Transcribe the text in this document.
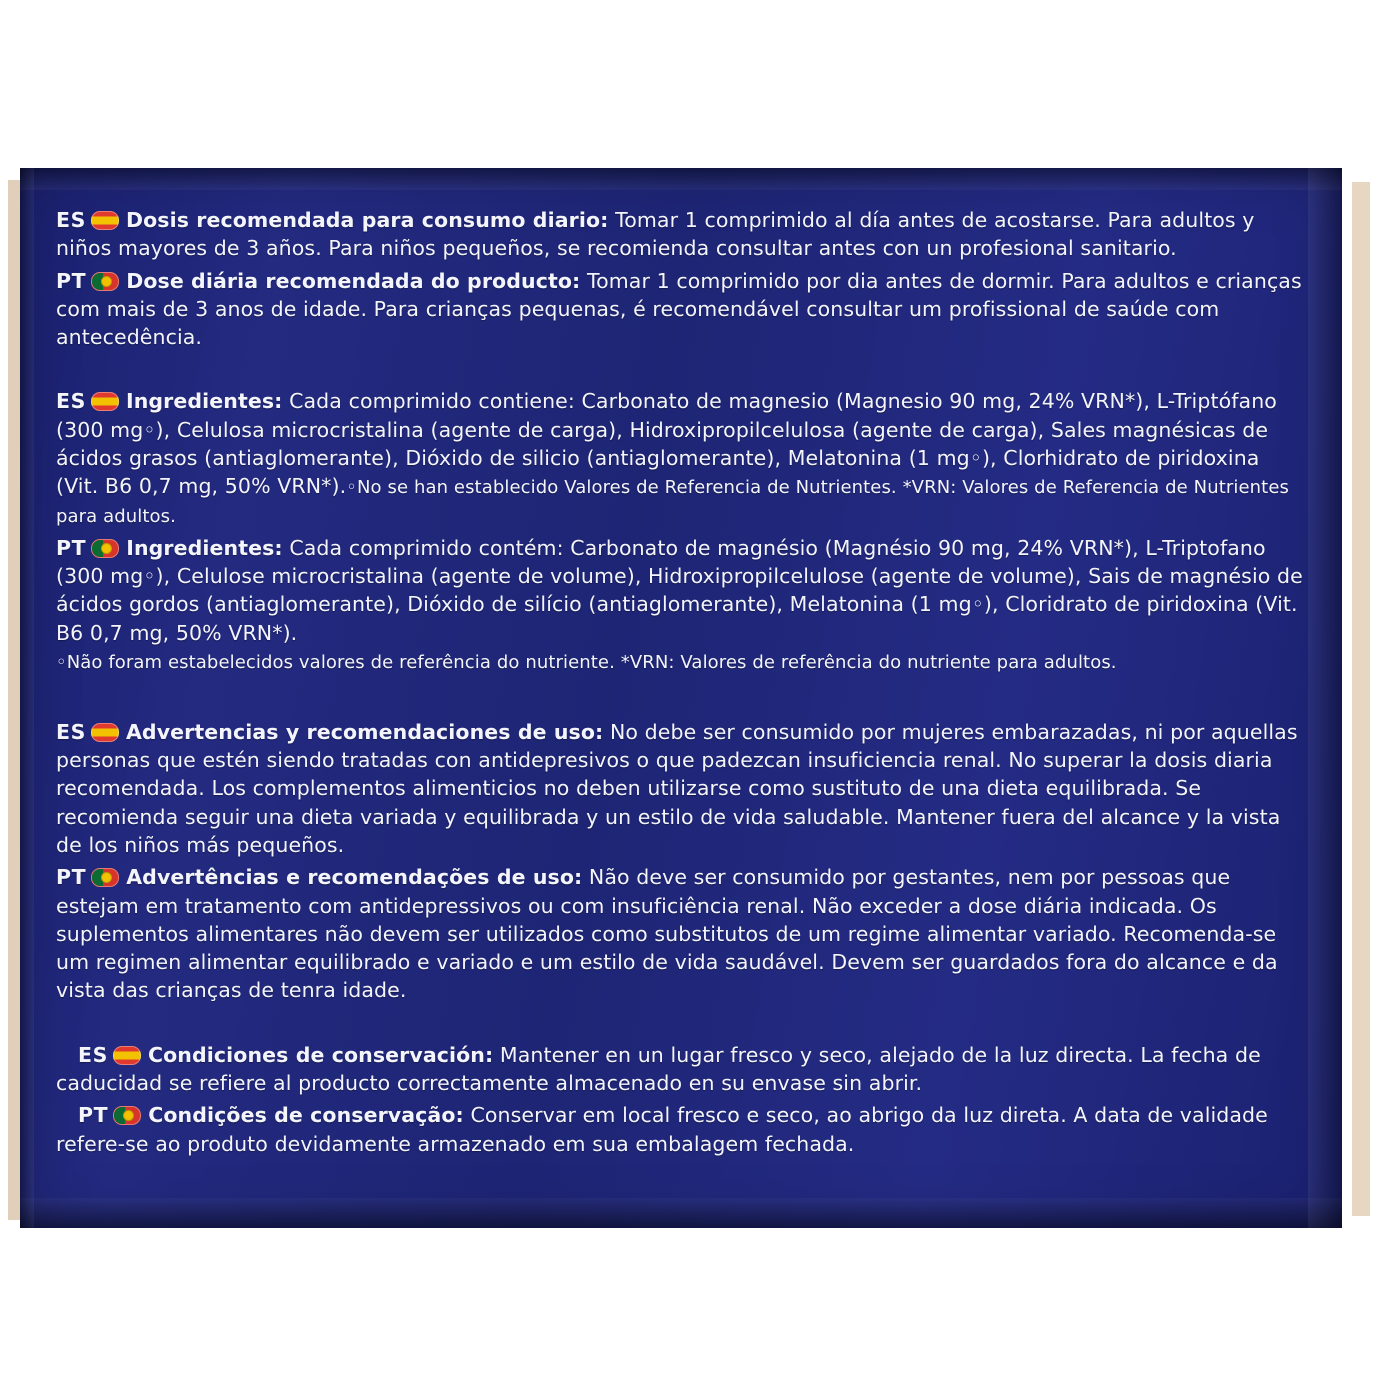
ES Dosis recomendada para consumo diario: Tomar 1 comprimido al día antes de acostarse. Para adultos y niños mayores de 3 años. Para niños pequeños, se recomienda consultar antes con un profesional sanitario.

PT Dose diária recomendada do producto: Tomar 1 comprimido por dia antes de dormir. Para adultos e crianças com mais de 3 anos de idade. Para crianças pequenas, é recomendável consultar um profissional de saúde com antecedência.

ES Ingredientes: Cada comprimido contiene: Carbonato de magnesio (Magnesio 90 mg, 24% VRN*), L-Triptófano (300 mg◦), Celulosa microcristalina (agente de carga), Hidroxipropilcelulosa (agente de carga), Sales magnésicas de ácidos grasos (antiaglomerante), Dióxido de silicio (antiaglomerante), Melatonina (1 mg◦), Clorhidrato de piridoxina (Vit. B6 0,7 mg, 50% VRN*).◦No se han establecido Valores de Referencia de Nutrientes. *VRN: Valores de Referencia de Nutrientes para adultos.

PT Ingredientes: Cada comprimido contém: Carbonato de magnésio (Magnésio 90 mg, 24% VRN*), L-Triptofano (300 mg◦), Celulose microcristalina (agente de volume), Hidroxipropilcelulose (agente de volume), Sais de magnésio de ácidos gordos (antiaglomerante), Dióxido de silício (antiaglomerante), Melatonina (1 mg◦), Cloridrato de piridoxina (Vit. B6 0,7 mg, 50% VRN*).

◦Não foram estabelecidos valores de referência do nutriente. *VRN: Valores de referência do nutriente para adultos.

ES Advertencias y recomendaciones de uso: No debe ser consumido por mujeres embarazadas, ni por aquellas personas que estén siendo tratadas con antidepresivos o que padezcan insuficiencia renal. No superar la dosis diaria recomendada. Los complementos alimenticios no deben utilizarse como sustituto de una dieta equilibrada. Se recomienda seguir una dieta variada y equilibrada y un estilo de vida saludable. Mantener fuera del alcance y la vista de los niños más pequeños.

PT Advertências e recomendações de uso: Não deve ser consumido por gestantes, nem por pessoas que estejam em tratamento com antidepressivos ou com insuficiência renal. Não exceder a dose diária indicada. Os suplementos alimentares não devem ser utilizados como substitutos de um regime alimentar variado. Recomenda-se um regimen alimentar equilibrado e variado e um estilo de vida saudável. Devem ser guardados fora do alcance e da vista das crianças de tenra idade.

ES Condiciones de conservación: Mantener en un lugar fresco y seco, alejado de la luz directa. La fecha de caducidad se refiere al producto correctamente almacenado en su envase sin abrir.

PT Condições de conservação: Conservar em local fresco e seco, ao abrigo da luz direta. A data de validade refere-se ao produto devidamente armazenado em sua embalagem fechada.
